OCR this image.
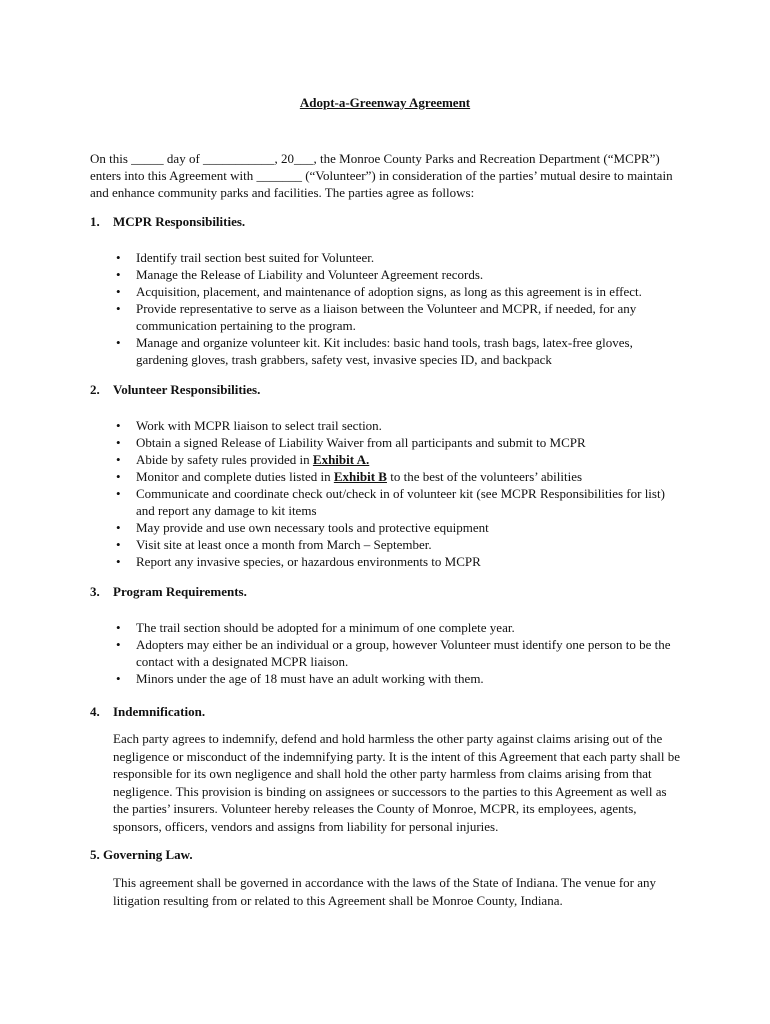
Adopt-a-Greenway Agreement
On this _____ day of ___________, 20___, the Monroe County Parks and Recreation Department (“MCPR”) enters into this Agreement with _______ (“Volunteer”) in consideration of the parties’ mutual desire to maintain and enhance community parks and facilities. The parties agree as follows:
1. MCPR Responsibilities.
• Identify trail section best suited for Volunteer.
• Manage the Release of Liability and Volunteer Agreement records.
• Acquisition, placement, and maintenance of adoption signs, as long as this agreement is in effect.
• Provide representative to serve as a liaison between the Volunteer and MCPR, if needed, for any communication pertaining to the program.
• Manage and organize volunteer kit. Kit includes: basic hand tools, trash bags, latex-free gloves, gardening gloves, trash grabbers, safety vest, invasive species ID, and backpack
2. Volunteer Responsibilities.
• Work with MCPR liaison to select trail section.
• Obtain a signed Release of Liability Waiver from all participants and submit to MCPR
• Abide by safety rules provided in Exhibit A.
• Monitor and complete duties listed in Exhibit B to the best of the volunteers’ abilities
• Communicate and coordinate check out/check in of volunteer kit (see MCPR Responsibilities for list) and report any damage to kit items
• May provide and use own necessary tools and protective equipment
• Visit site at least once a month from March – September.
• Report any invasive species, or hazardous environments to MCPR
3. Program Requirements.
• The trail section should be adopted for a minimum of one complete year.
• Adopters may either be an individual or a group, however Volunteer must identify one person to be the contact with a designated MCPR liaison.
• Minors under the age of 18 must have an adult working with them.
4. Indemnification.
Each party agrees to indemnify, defend and hold harmless the other party against claims arising out of the negligence or misconduct of the indemnifying party. It is the intent of this Agreement that each party shall be responsible for its own negligence and shall hold the other party harmless from claims arising from that negligence. This provision is binding on assignees or successors to the parties to this Agreement as well as the parties’ insurers. Volunteer hereby releases the County of Monroe, MCPR, its employees, agents, sponsors, officers, vendors and assigns from liability for personal injuries.
5. Governing Law.
This agreement shall be governed in accordance with the laws of the State of Indiana. The venue for any litigation resulting from or related to this Agreement shall be Monroe County, Indiana.
